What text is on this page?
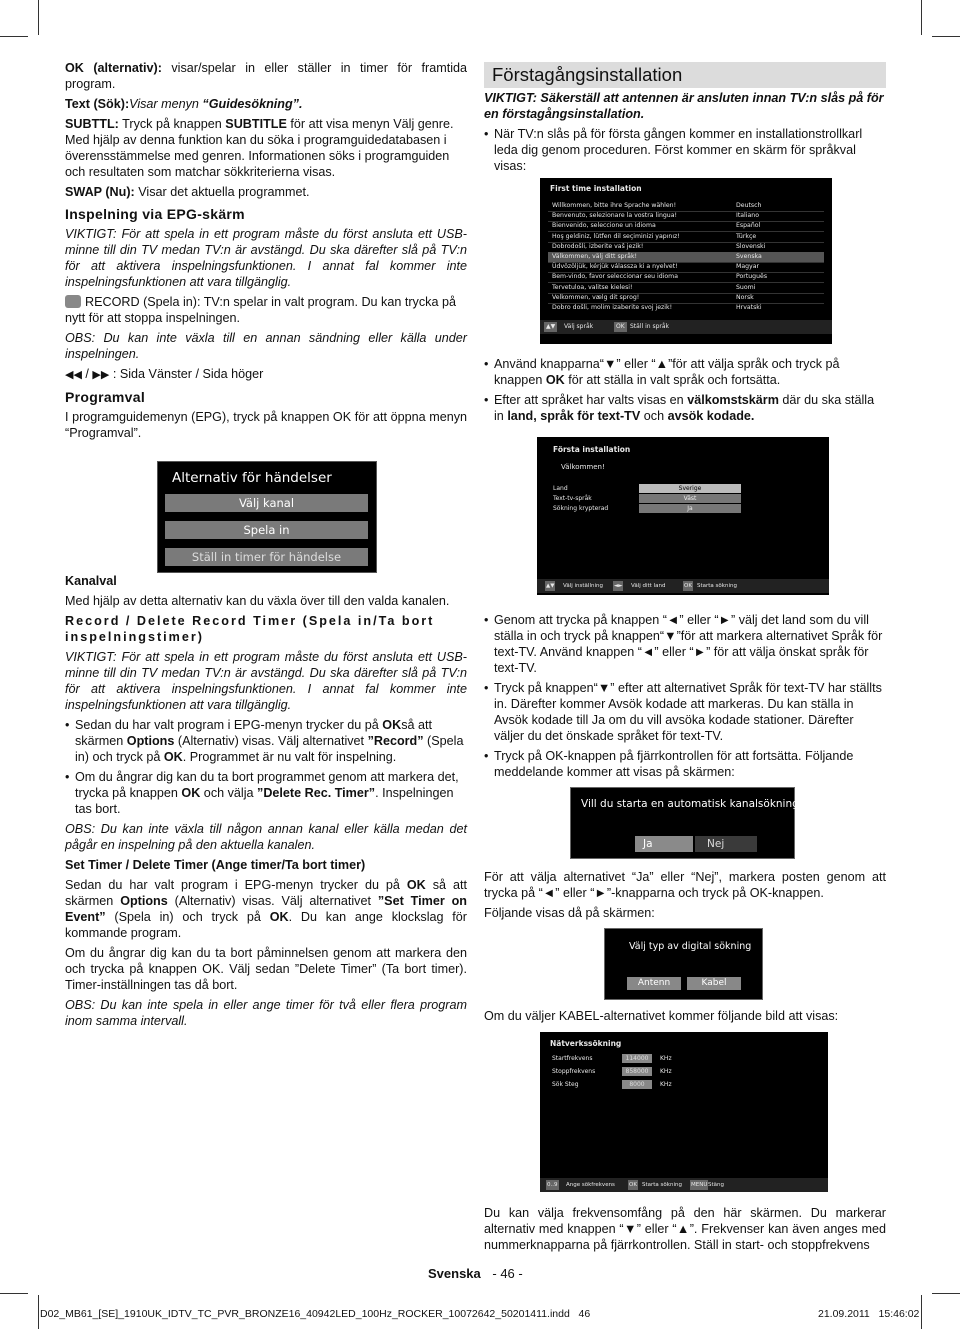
OK (alternativ): visar/spelar in eller ställer in timer för framtida program.

Text (Sök):Visar menyn “Guidesökning”.

SUBTTL: Tryck på knappen SUBTITLE för att visa menyn Välj genre. Med hjälp av denna funktion kan du söka i programguidedatabasen i överensstämmelse med genren. Informationen söks i programguiden och resultaten som matchar sökkriterierna visas.

SWAP (Nu): Visar det aktuella programmet.

Inspelning via EPG-skärm

VIKTIGT: För att spela in ett program måste du först ansluta ett USB-minne till din TV medan TV:n är avstängd. Du ska därefter slå på TV:n för att aktivera inspelningsfunktionen. I annat fal kommer inte inspelningsfunktionen att vara tillgänglig.

RECORD (Spela in): TV:n spelar in valt program. Du kan trycka på nytt för att stoppa inspelningen.

OBS: Du kan inte växla till en annan sändning eller källa under inspelningen.

◀◀ / ▶▶ : Sida Vänster / Sida höger

Programval

I programguidemenyn (EPG), tryck på knappen OK för att öppna menyn “Programval”.

Alternativ för händelser
Välj kanal
Spela in
Ställ in timer för händelse

Kanalval

Med hjälp av detta alternativ kan du växla över till den valda kanalen.

Record / Delete Record Timer (Spela in/Ta bort inspelningstimer)

VIKTIGT: För att spela in ett program måste du först ansluta ett USB-minne till din TV medan TV:n är avstängd. Du ska därefter slå på TV:n för att aktivera inspelningsfunktionen. I annat fal kommer inte inspelningsfunktionen att vara tillgänglig.

• Sedan du har valt program i EPG-menyn trycker du på OKså att skärmen Options (Alternativ) visas. Välj alternativet ”Record” (Spela in) och tryck på OK. Programmet är nu valt för inspelning.

• Om du ångrar dig kan du ta bort programmet genom att markera det, trycka på knappen OK och välja ”Delete Rec. Timer”. Inspelningen tas bort.

OBS: Du kan inte växla till någon annan kanal eller källa medan det pågår en inspelning på den aktuella kanalen.

Set Timer / Delete Timer (Ange timer/Ta bort timer)

Sedan du har valt program i EPG-menyn trycker du på OK så att skärmen Options (Alternativ) visas. Välj alternativet ”Set Timer on Event” (Spela in) och tryck på OK. Du kan ange klockslag för kommande program.

Om du ångrar dig kan du ta bort påminnelsen genom att markera den och trycka på knappen OK. Välj sedan ”Delete Timer” (Ta bort timer). Timer-inställningen tas då bort.

OBS: Du kan inte spela in eller ange timer för två eller flera program inom samma intervall.

Förstagångsinstallation

VIKTIGT: Säkerställ att antennen är ansluten innan TV:n slås på för en förstagångsinstallation.

• När TV:n slås på för första gången kommer en installationstrollkarl leda dig genom proceduren. Först kommer en skärm för språkval visas:

First time installation
Willkommen, bitte ihre Sprache wählen!	Deutsch
Benvenuto, selezionare la vostra lingua!	Italiano
Bienvenido, seleccione un idioma	Español
Hoş geldiniz, lütfen dil seçiminizi yapınız!	Türkçe
Dobrodošli, izberite vaš jezik!	Slovenski
Välkommen, välj ditt språk!	Svenska
Üdvözöljük, kérjük válassza ki a nyelvet!	Magyar
Bem-vindo, favor seleccionar seu idioma	Português
Tervetuloa, valitse kielesi!	Suomi
Velkommen, vælg dit sprog!	Norsk
Dobro došli, molim izaberite svoj jezik!	Hrvatski
▲▼	Välj språk	OK Ställ in språk

• Använd knapparna“▼” eller “▲”för att välja språk och tryck på knappen OK för att ställa in valt språk och fortsätta.

• Efter att språket har valts visas en välkomstskärm där du ska ställa in land, språk för text-TV och avsök kodade.

Första installation
Välkommen!
Land	Sverige
Text-tv-språk	Väst
Sökning krypterad	Ja
▲▼ Välj inställning ◄► Välj ditt land	OK Starta sökning

• Genom att trycka på knappen “◄” eller “►” välj det land som du vill ställa in och tryck på knappen“▼”för att markera alternativet Språk för text-TV. Använd knappen “◄” eller “►” för att välja önskat språk för text-TV.

• Tryck på knappen“▼” efter att alternativet Språk för text-TV har ställts in. Därefter kommer Avsök kodade att markeras. Du kan ställa in Avsök kodade till Ja om du vill avsöka kodade stationer. Därefter väljer du det önskade språket för text-TV.

• Tryck på OK-knappen på fjärrkontrollen för att fortsätta. Följande meddelande kommer att visas på skärmen:

Vill du starta en automatisk kanalsökning?
Ja	Nej

För att välja alternativet “Ja” eller “Nej”, markera posten genom att trycka på “◄” eller “►”-knapparna och tryck på OK-knappen.

Följande visas då på skärmen:

Välj typ av digital sökning
Antenn	Kabel

Om du väljer KABEL-alternativet kommer följande bild att visas:

Nätverkssökning
Startfrekvens	114000	KHz
Stoppfrekvens	858000	KHz
Sök Steg	8000	KHz
0..9 Ange sökfrekvens	OK Starta sökning MENU Stäng

Du kan välja frekvensomfång på den här skärmen. Du markerar alternativ med knappen “▼” eller “▲”. Frekvenser kan även anges med nummerknapparna på fjärrkontrollen. Ställ in start- och stoppfrekvens

Svenska - 46 -
D02_MB61_[SE]_1910UK_IDTV_TC_PVR_BRONZE16_40942LED_100Hz_ROCKER_10072642_50201411.indd   46	21.09.2011   15:46:02
